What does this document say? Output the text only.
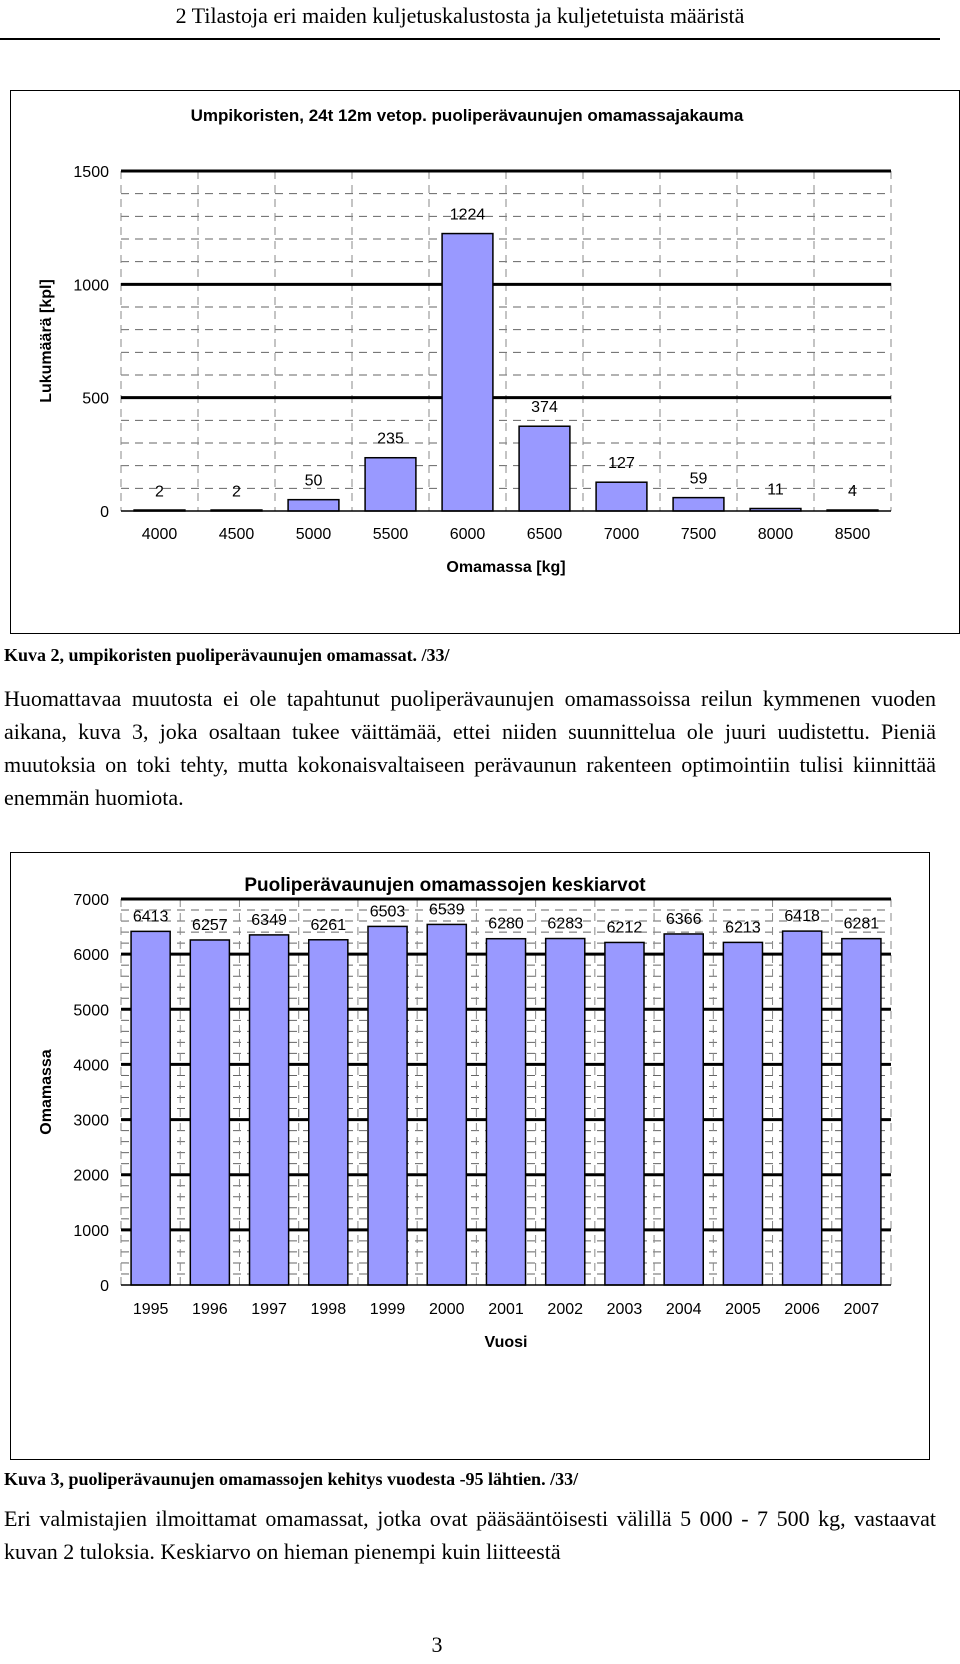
2 Tilastoja eri maiden kuljetuskalustosta ja kuljetetuista määristä
0
500
1000
1500
2
4000
2
4500
50
5000
235
5500
1224
6000
374
6500
127
7000
59
7500
11
8000
4
8500
Umpikoristen, 24t 12m vetop. puoliperävaunujen omamassajakauma
Omamassa [kg]
Lukumäärä [kpl]
Kuva 2, umpikoristen puoliperävaunujen omamassat. /33/
Huomattavaa muutosta ei ole tapahtunut puoliperävaunujen omamassoissa reilun kymmenen vuoden aikana, kuva 3, joka osaltaan tukee väittämää, ettei niiden suunnittelua ole juuri uudistettu. Pieniä muutoksia on toki tehty, mutta kokonaisvaltaiseen perävaunun rakenteen optimointiin tulisi kiinnittää enemmän huomiota.
0
1000
2000
3000
4000
5000
6000
7000
6413
1995
6257
1996
6349
1997
6261
1998
6503
1999
6539
2000
6280
2001
6283
2002
6212
2003
6366
2004
6213
2005
6418
2006
6281
2007
Puoliperävaunujen omamassojen keskiarvot
Vuosi
Omamassa
Kuva 3, puoliperävaunujen omamassojen kehitys vuodesta -95 lähtien. /33/
Eri valmistajien ilmoittamat omamassat, jotka ovat pääsääntöisesti välillä 5 000 - 7 500 kg, vastaavat kuvan 2 tuloksia. Keskiarvo on hieman pienempi kuin liitteestä
3
